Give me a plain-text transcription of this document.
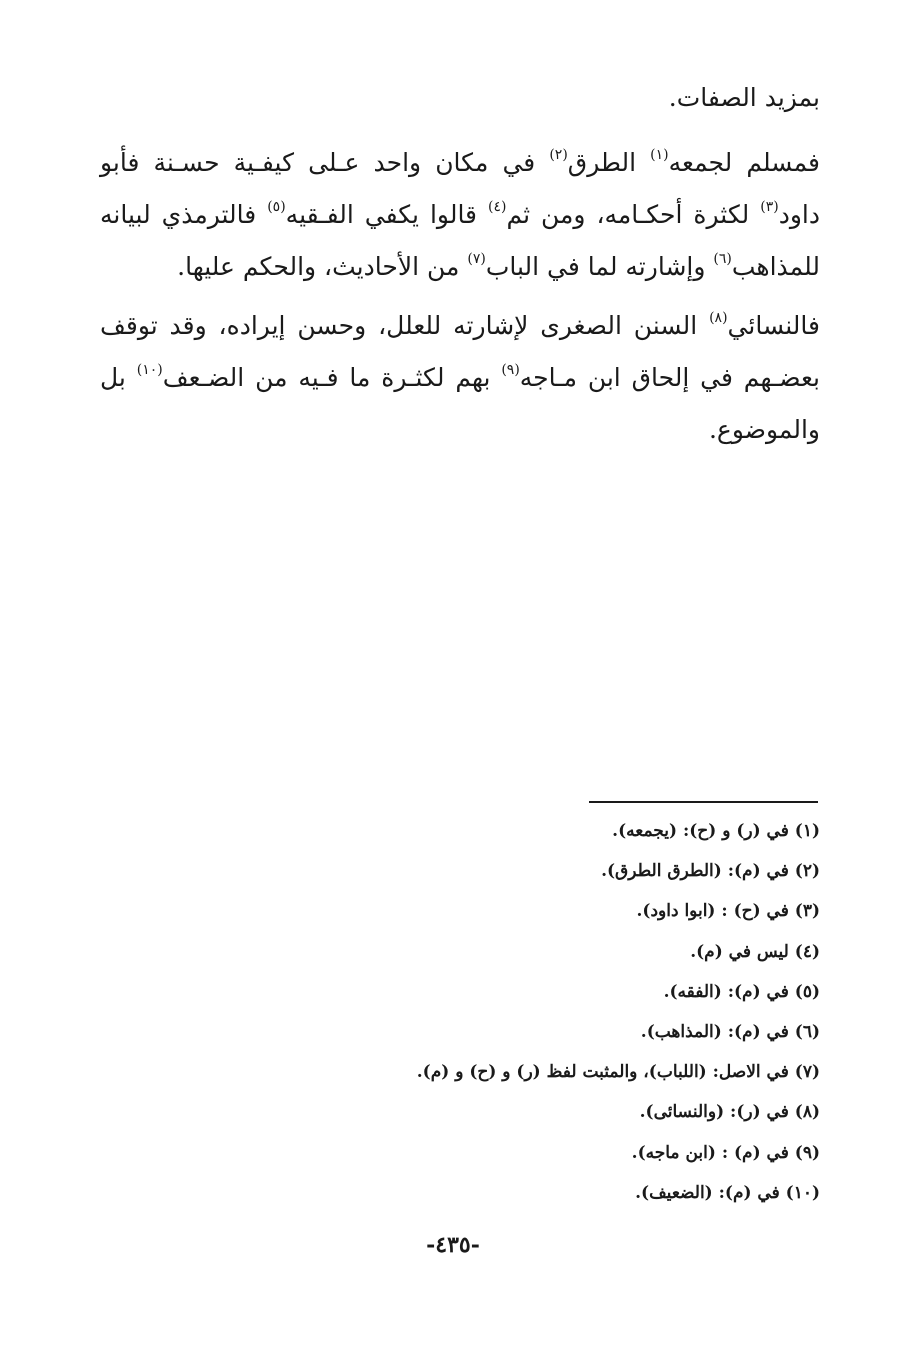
بمزيد الصفات.
فمسلم لجمعه$^{(١)}$ الطرق$^{(٢)}$ في مكان واحد عـلى كيفـية حسـنة فأبو
داود$^{(٣)}$ لكثرة أحكـامه، ومن ثم$^{(٤)}$ قالوا يكفي الفـقيه$^{(٥)}$ فالترمذي لبيانه
للمذاهب$^{(٦)}$ وإشارته لما في الباب$^{(٧)}$ من الأحاديث، والحكم عليها.
فالنسائي$^{(٨)}$ السنن الصغرى لإشارته للعلل، وحسن إيراده، وقد توقف
بعضـهم في إلحاق ابن مـاجه$^{(٩)}$ بهم لكثـرة ما فـيه من الضـعف$^{(١٠)}$ بل
والموضوع.
(١) في (ر) و (ح): (يجمعه).
(٢) في (م): (الطرق الطرق).
(٣) في (ح) : (ابوا داود).
(٤) ليس في (م).
(٥) في (م): (الفقه).
(٦) في (م): (المذاهب).
(٧) في الاصل: (اللباب)، والمثبت لفظ (ر) و (ح) و (م).
(٨) في (ر): (والنسائى).
(٩) في (م) : (ابن ماجه).
(١٠) في (م): (الضعيف).
-٤٣٥-
